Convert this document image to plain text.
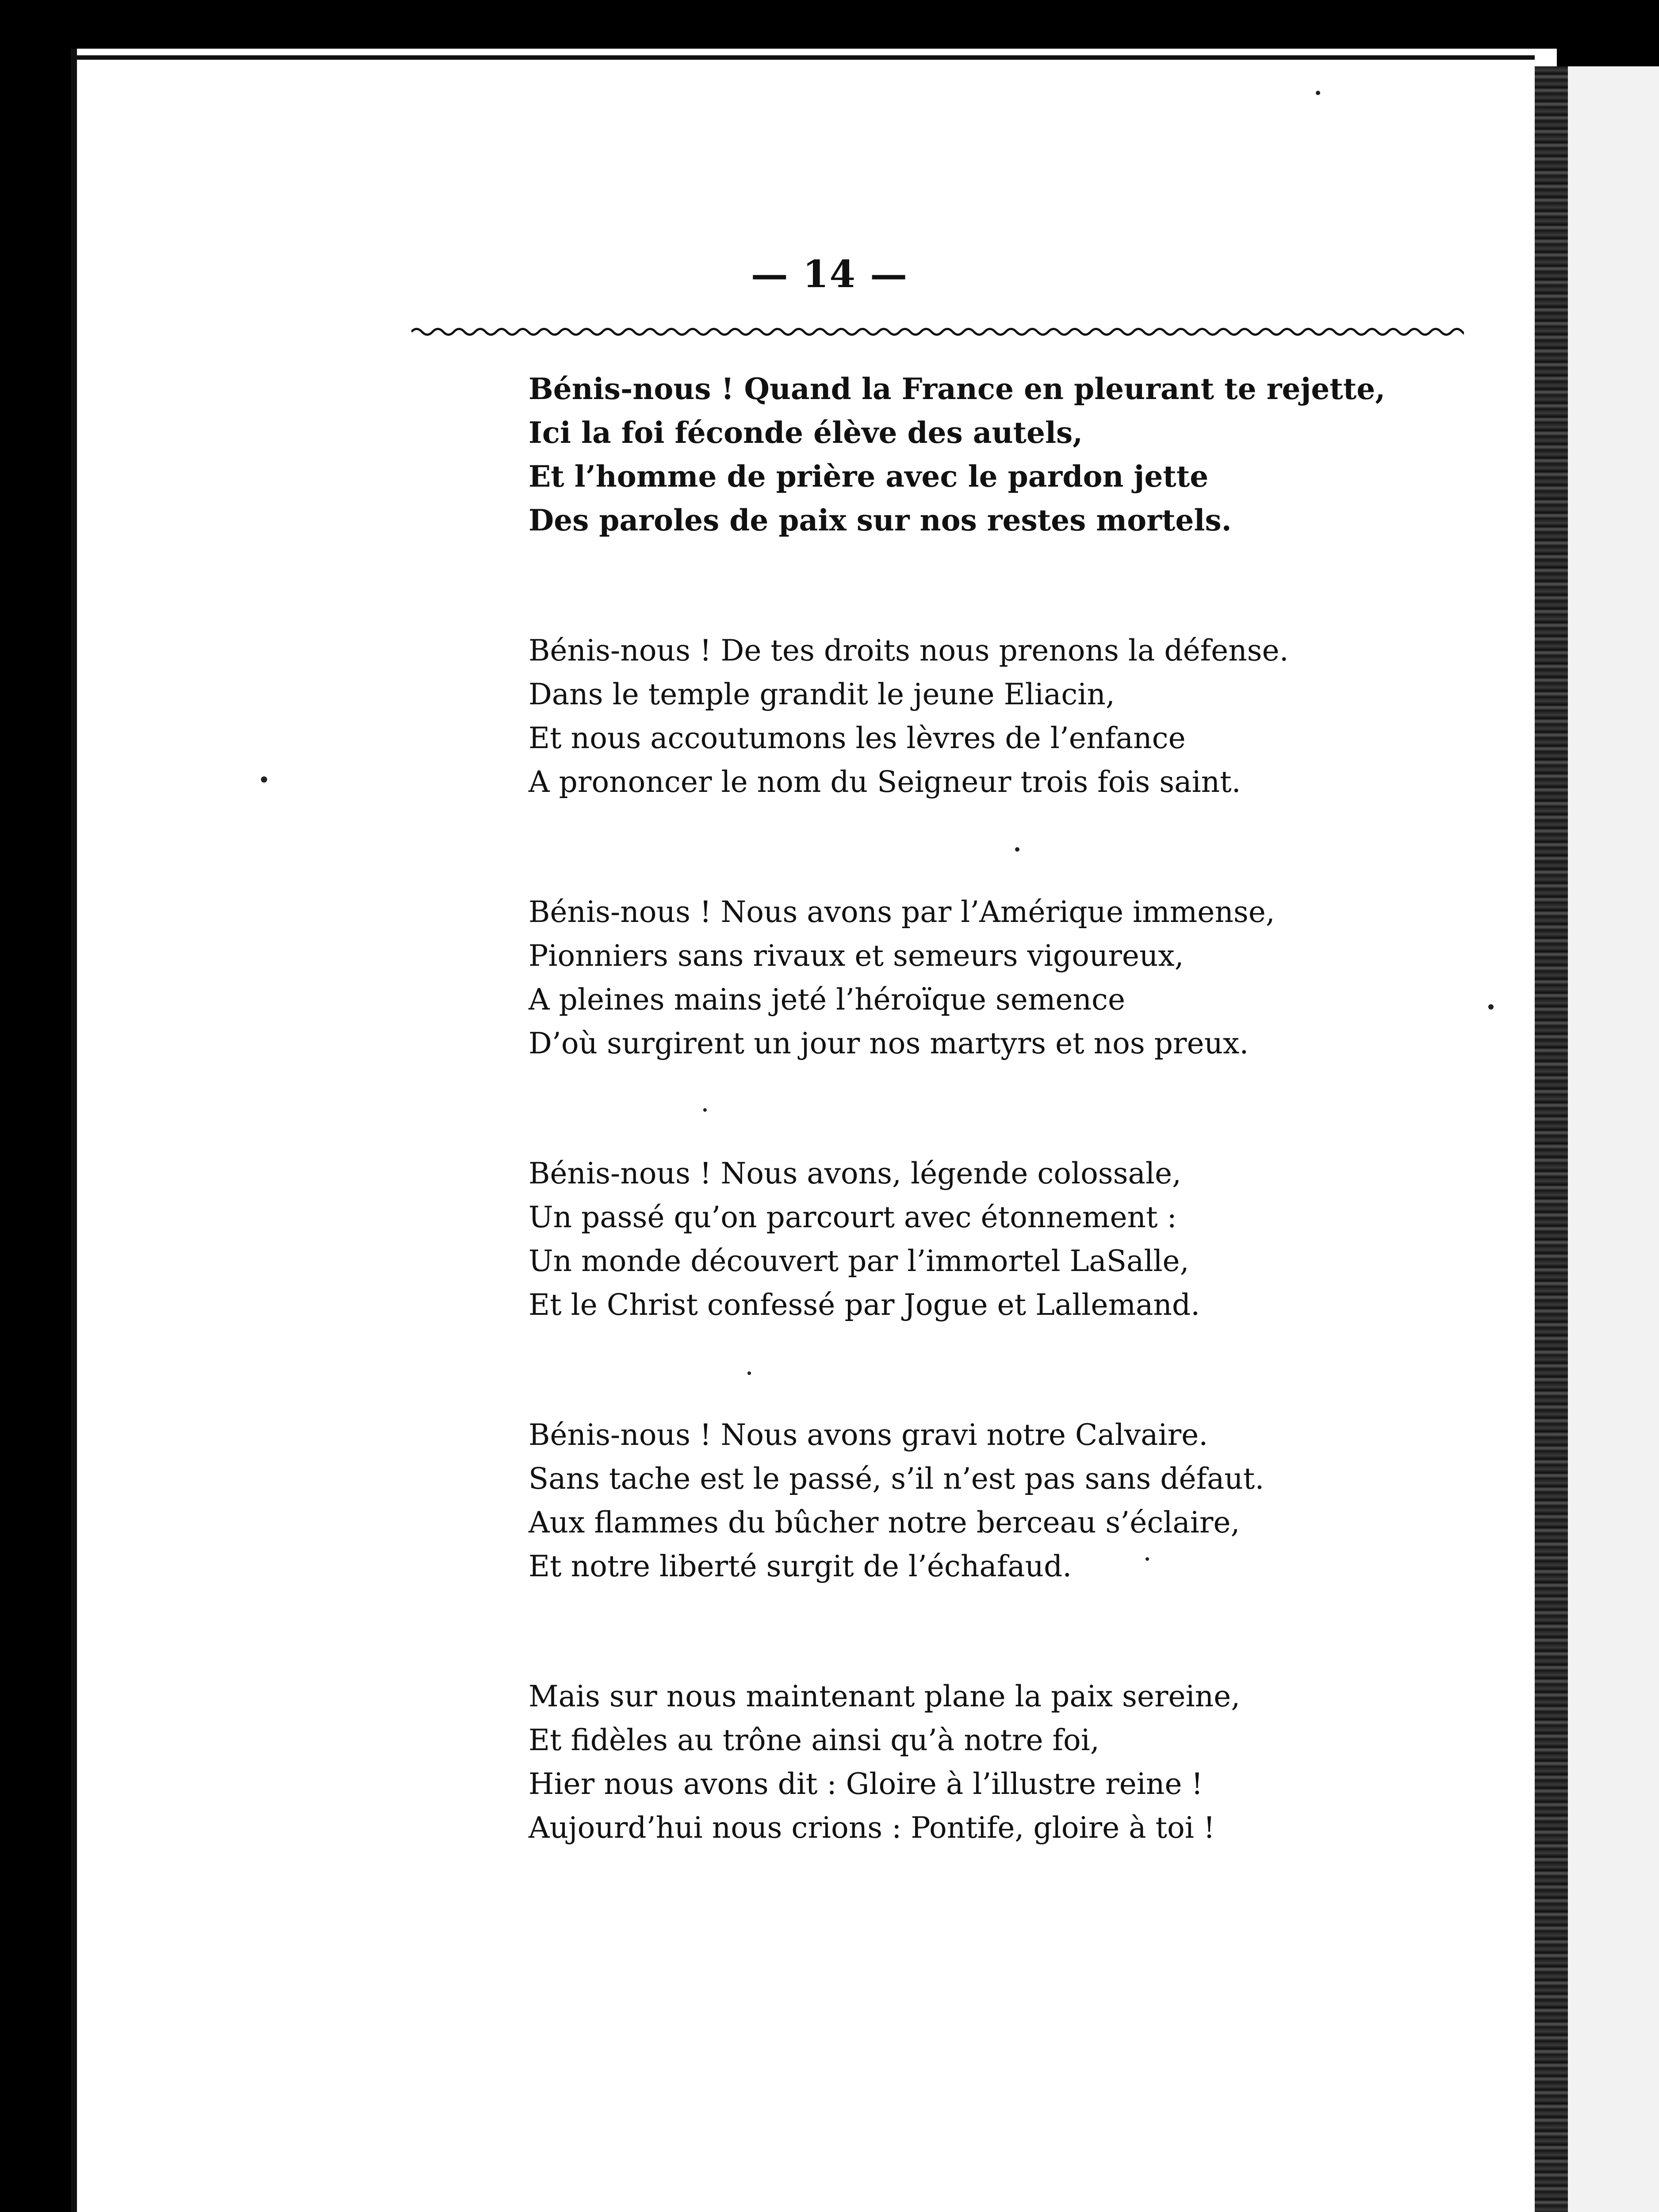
— 14 —
Bénis-nous ! Quand la France en pleurant te rejette,
Ici la foi féconde élève des autels,
Et l’homme de prière avec le pardon jette
Des paroles de paix sur nos restes mortels.
Bénis-nous ! De tes droits nous prenons la défense.
Dans le temple grandit le jeune Eliacin,
Et nous accoutumons les lèvres de l’enfance
A prononcer le nom du Seigneur trois fois saint.
Bénis-nous ! Nous avons par l’Amérique immense,
Pionniers sans rivaux et semeurs vigoureux,
A pleines mains jeté l’héroïque semence
D’où surgirent un jour nos martyrs et nos preux.
Bénis-nous ! Nous avons, légende colossale,
Un passé qu’on parcourt avec étonnement :
Un monde découvert par l’immortel LaSalle,
Et le Christ confessé par Jogue et Lallemand.
Bénis-nous ! Nous avons gravi notre Calvaire.
Sans tache est le passé, s’il n’est pas sans défaut.
Aux flammes du bûcher notre berceau s’éclaire,
Et notre liberté surgit de l’échafaud.
Mais sur nous maintenant plane la paix sereine,
Et fidèles au trône ainsi qu’à notre foi,
Hier nous avons dit : Gloire à l’illustre reine !
Aujourd’hui nous crions : Pontife, gloire à toi !
